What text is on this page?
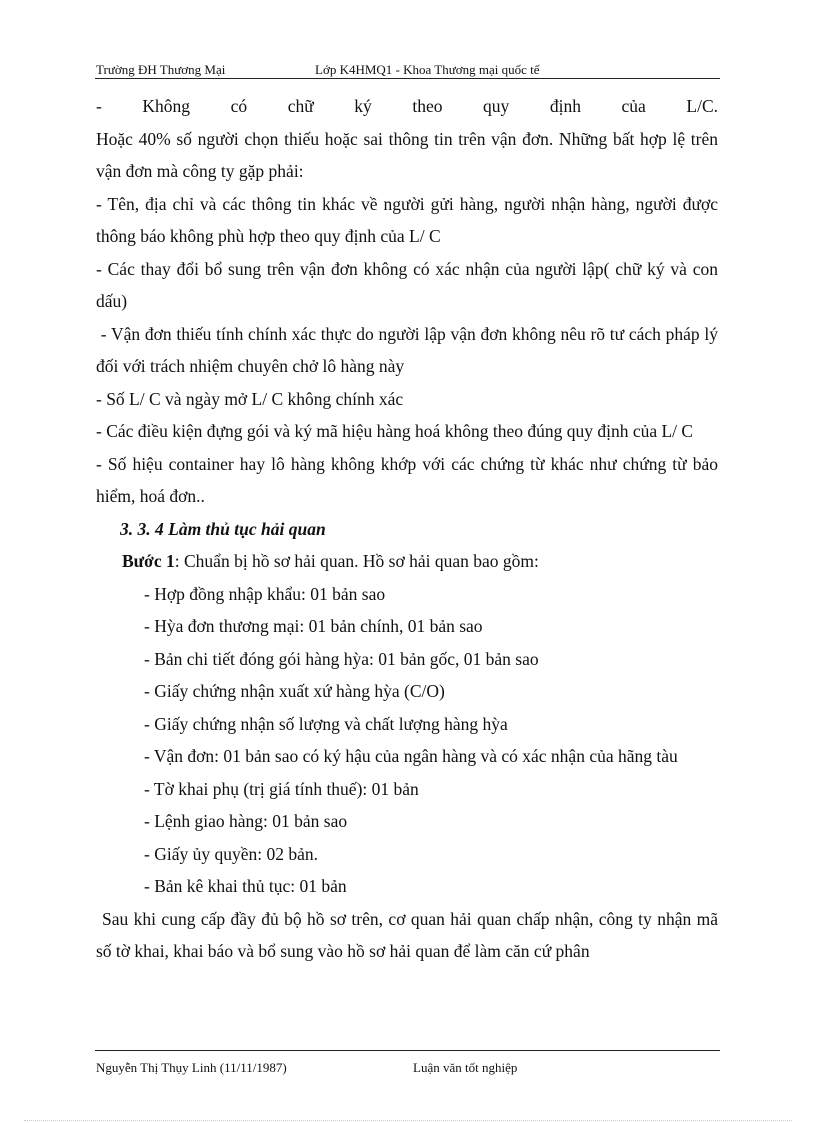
Trường ĐH Thương Mại	Lớp K4HMQ1 - Khoa Thương mại quốc tế
- Không có chữ ký theo quy định của L/C.

Hoặc 40% số người chọn thiếu hoặc sai thông tin trên vận đơn. Những bất hợp lệ trên vận đơn mà công ty gặp phải:

- Tên, địa chỉ và các thông tin khác về người gửi hàng, người nhận hàng, người được thông báo không phù hợp theo quy định của L/ C

- Các thay đổi bổ sung trên vận đơn không có xác nhận của người lập( chữ ký và con dấu)

- Vận đơn thiếu tính chính xác thực do người lập vận đơn không nêu rõ tư cách pháp lý đối với trách nhiệm chuyên chở lô hàng này

- Số L/ C và ngày mở L/ C không chính xác

- Các điều kiện đựng gói và ký mã hiệu hàng hoá không theo đúng quy định của L/ C

- Số hiệu container hay lô hàng không khớp với các chứng từ khác như chứng từ bảo hiểm, hoá đơn..

3. 3. 4 Làm thủ tục hải quan

Bước 1: Chuẩn bị hồ sơ hải quan. Hồ sơ hải quan bao gồm:

- Hợp đồng nhập khẩu: 01 bản sao

- Hỳa đơn thương mại: 01 bản chính, 01 bản sao

- Bản chi tiết đóng gói hàng hỳa: 01 bản gốc, 01 bản sao

- Giấy chứng nhận xuất xứ hàng hỳa (C/O)

- Giấy chứng nhận số lượng và chất lượng hàng hỳa

- Vận đơn: 01 bản sao có ký hậu của ngân hàng và có xác nhận của hãng tàu

- Tờ khai phụ (trị giá tính thuế): 01 bản

- Lệnh giao hàng: 01 bản sao

- Giấy ủy quyền: 02 bản.

- Bản kê khai thủ tục: 01 bản

Sau khi cung cấp đầy đủ bộ hồ sơ trên, cơ quan hải quan chấp nhận, công ty nhận mã số tờ khai, khai báo và bổ sung vào hồ sơ hải quan để làm căn cứ phân

Nguyễn Thị Thụy Linh (11/11/1987)	Luận văn tốt nghiệp
